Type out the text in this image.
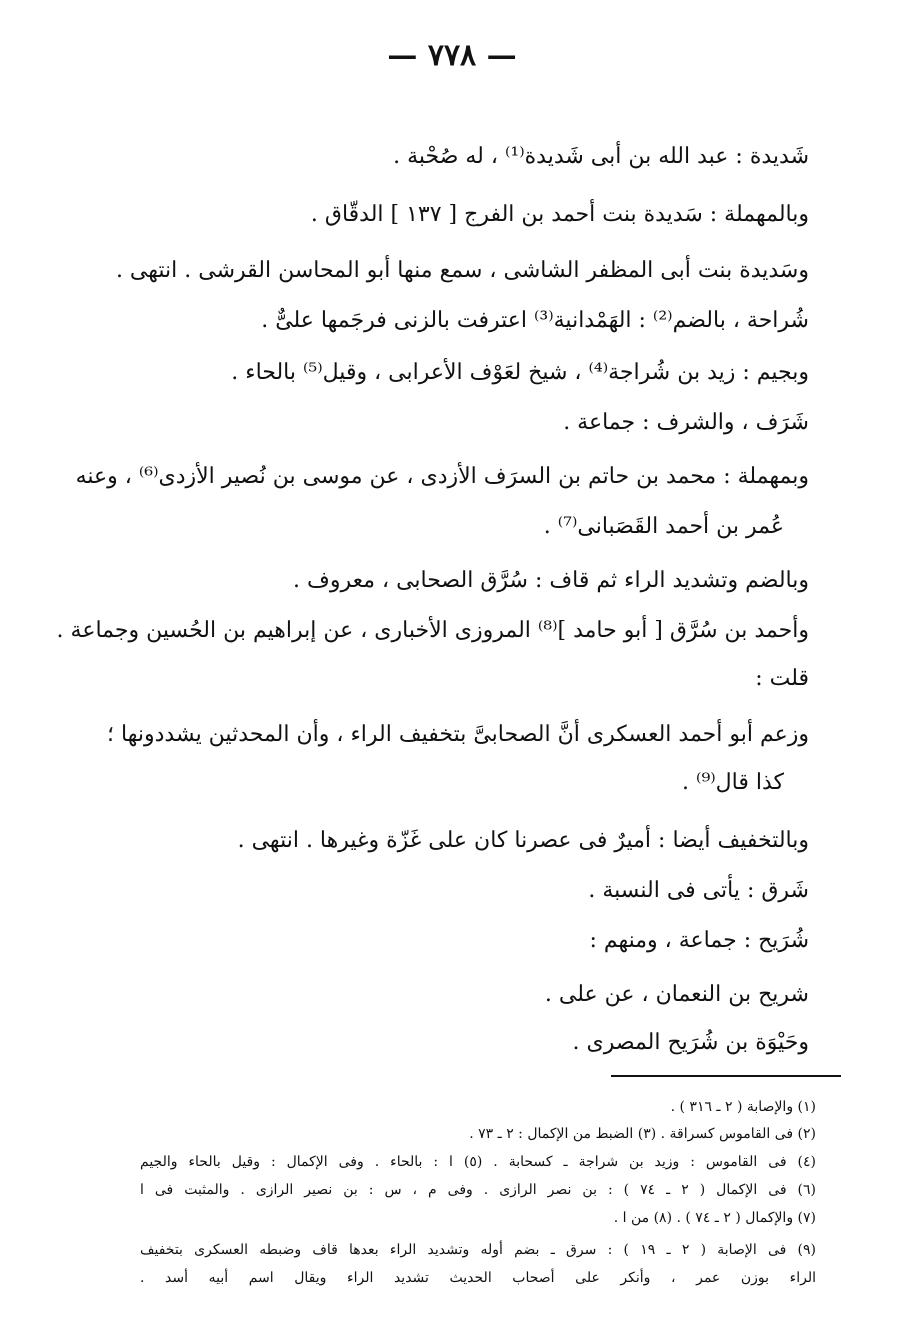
— ٧٧٨ —
شَديدة : عبد الله بن أبى شَديدة⁽¹⁾ ، له صُحْبة .
وبالمهملة : سَديدة بنت أحمد بن الفرج [ ١٣٧ ] الدقّاق .
وسَديدة بنت أبى المظفر الشاشى ، سمع منها أبو المحاسن القرشى . انتهى .
شُراحة ، بالضم⁽²⁾ : الهَمْدانية⁽³⁾ اعترفت بالزنى فرجَمها علىٌّ .
وبجيم : زيد بن شُراجة⁽⁴⁾ ، شيخ لعَوْف الأعرابى ، وقيل⁽⁵⁾ بالحاء .
شَرَف ، والشرف : جماعة .
وبمهملة : محمد بن حاتم بن السرَف الأزدى ، عن موسى بن نُصير الأزدى⁽⁶⁾ ، وعنه
عُمر بن أحمد القَصَبانى⁽⁷⁾ .
وبالضم وتشديد الراء ثم قاف : سُرَّق الصحابى ، معروف .
وأحمد بن سُرَّق [ أبو حامد ]⁽⁸⁾ المروزى الأخبارى ، عن إبراهيم بن الحُسين وجماعة .
قلت :
وزعم أبو أحمد العسكرى أنَّ الصحابىَّ بتخفيف الراء ، وأن المحدثين يشددونها ؛
كذا قال⁽⁹⁾ .
وبالتخفيف أيضا : أميرٌ فى عصرنا كان على غَزّة وغيرها . انتهى .
شَرق : يأتى فى النسبة .
شُرَيح : جماعة ، ومنهم :
شريح بن النعمان ، عن على .
وحَيْوَة بن شُرَيح المصرى .
(١) والإصابة ( ٢ ـ ٣١٦ ) .
(٢) فى القاموس كسراقة . (٣) الضبط من الإكمال : ٢ ـ ٧٣ .
(٤) فى القاموس : وزيد بن شراجة ـ كسحابة . (٥) ا : بالحاء . وفى الإكمال : وقيل بالحاء والجيم
(٦) فى الإكمال ( ٢ ـ ٧٤ ) : بن نصر الرازى . وفى م ، س : بن نصير الرازى . والمثبت فى ا
(٧) والإكمال ( ٢ ـ ٧٤ ) . (٨) من ا .
(٩) فى الإصابة ( ٢ ـ ١٩ ) : سرق ـ بضم أوله وتشديد الراء بعدها قاف وضبطه العسكرى بتخفيف
الراء بوزن عمر ، وأنكر على أصحاب الحديث تشديد الراء ويقال اسم أبيه أسد .
